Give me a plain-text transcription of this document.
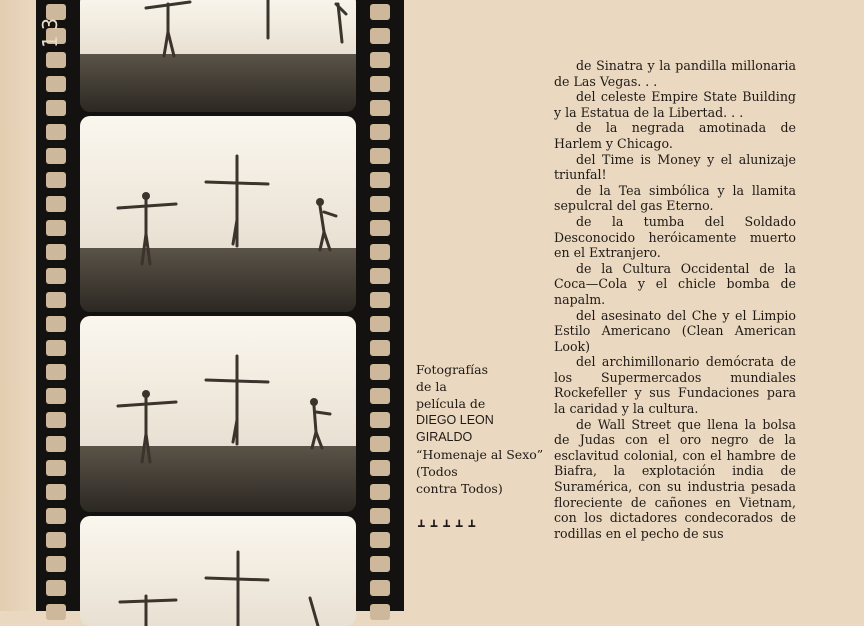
13
Fotografías
de la
película de
DIEGO LEON
GIRALDO
“Homenaje al Sexo”
(Todos
contra Todos)
┻┻┻┻┻

de Sinatra y la pandilla millonaria de Las Vegas. . .

del celeste Empire State Building y la Estatua de la Libertad. . .

de la negrada amotinada de Harlem y Chicago.

del Time is Money y el alunizaje triunfal!

de la Tea simbólica y la llamita sepulcral del gas Eterno.

de la tumba del Soldado Desconocido heróicamente muerto en el Extranjero.

de la Cultura Occidental de la Coca—Cola y el chicle bomba de napalm.

del asesinato del Che y el Limpio Estilo Americano (Clean American Look)

del archimillonario demócrata de los Supermercados mundiales Rockefeller y sus Fundaciones para la caridad y la cultura.

de Wall Street que llena la bolsa de Judas con el oro negro de la esclavitud colonial, con el hambre de Biafra, la explotación india de Suramérica, con su industria pesada floreciente de cañones en Vietnam, con los dictadores condecorados de rodillas en el pecho de sus
